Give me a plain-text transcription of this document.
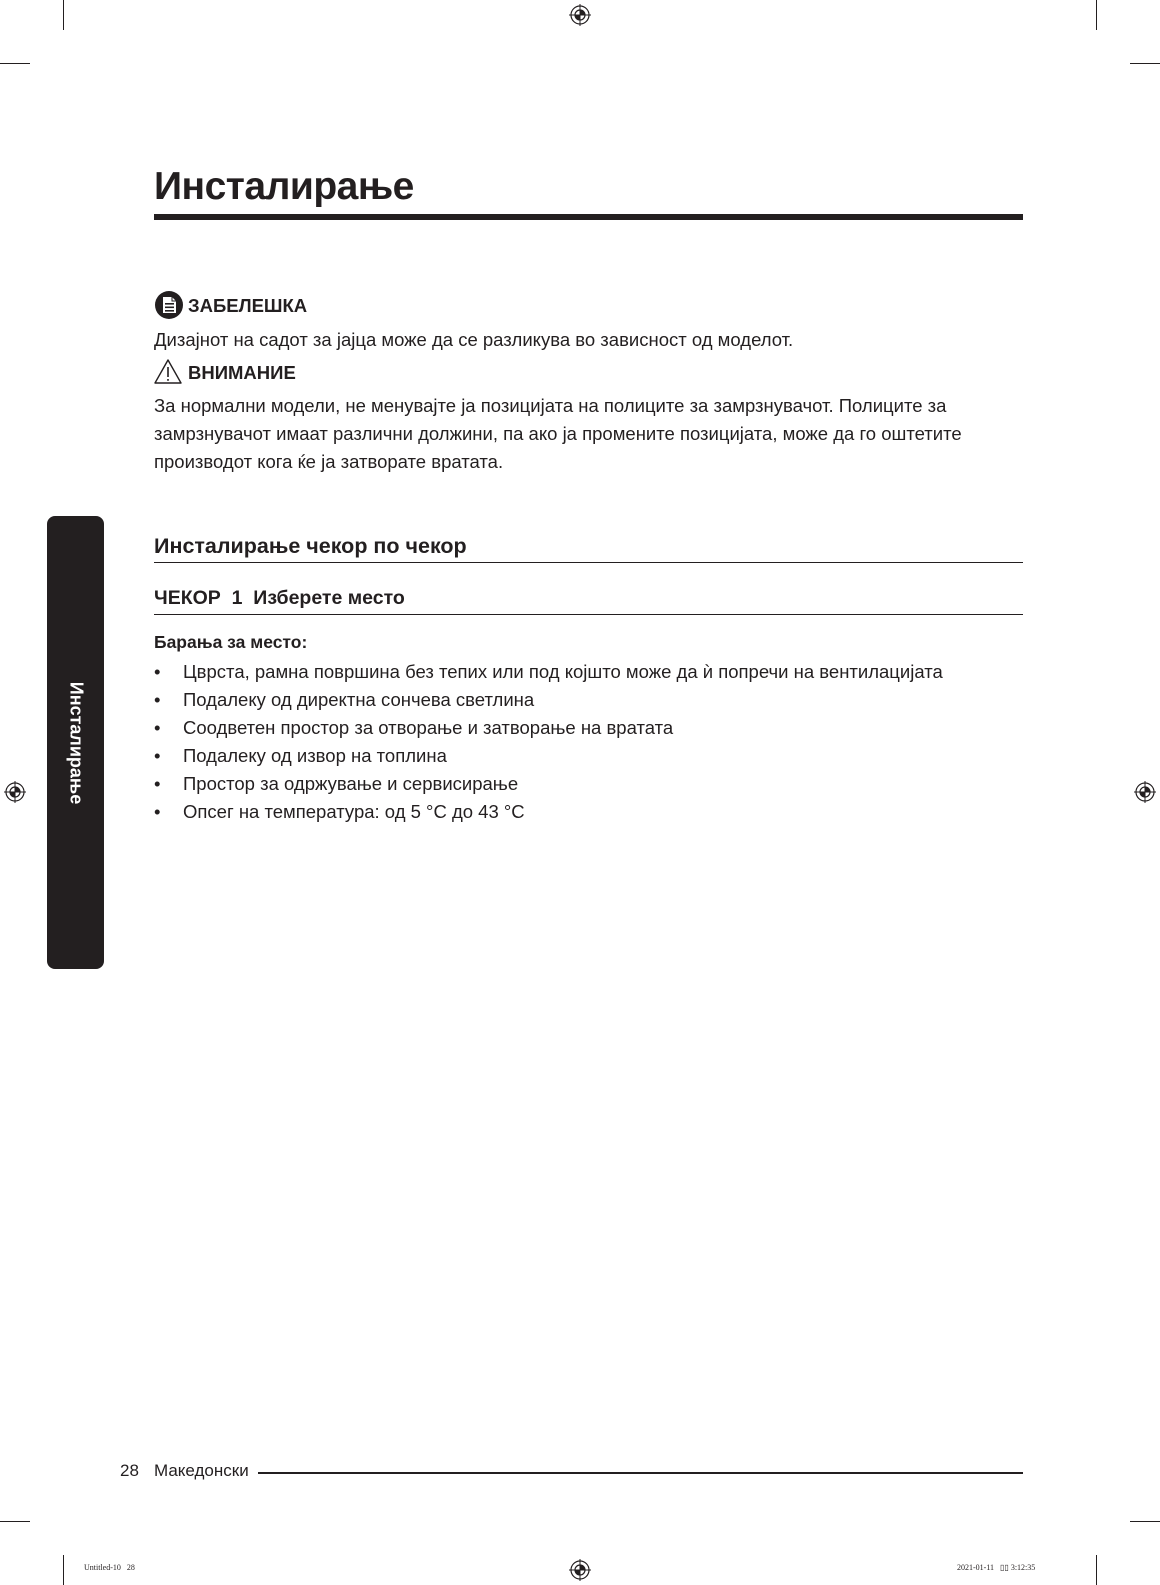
Инсталирање
ЗАБЕЛЕШКА
Дизајнот на садот за јајца може да се разликува во зависност од моделот.
ВНИМАНИЕ
За нормални модели, не менувајте ја позицијата на полиците за замрзнувачот. Полиците за замрзнувачот имаат различни должини, па ако ја промените позицијата, може да го оштетите производот кога ќе ја затворате вратата.
Инсталирање
Инсталирање чекор по чекор
ЧЕКОР  1  Изберете место
Барања за место:
• Цврста, рамна површина без тепих или под којшто може да ѝ попречи на вентилацијата
• Подалеку од директна сончева светлина
• Соодветен простор за отворање и затворање на вратата
• Подалеку од извор на топлина
• Простор за одржување и сервисирање
• Опсег на температура: од 5 °C до 43 °C
28 Македонски
Untitled-10   28	2021-01-11   ▯▯ 3:12:35
